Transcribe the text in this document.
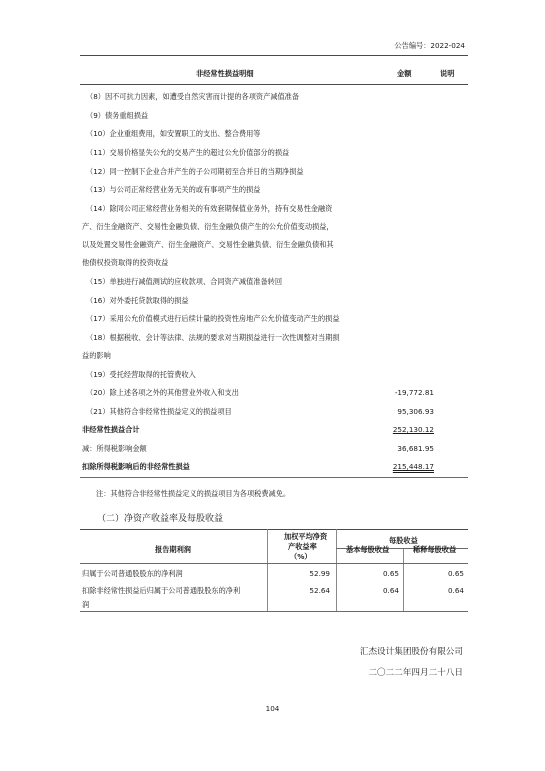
公告编号：2022-024
非经常性损益明细	金额	说明
（8）因不可抗力因素，如遭受自然灾害而计提的各项资产减值准备
（9）债务重组损益
（10）企业重组费用，如安置职工的支出、整合费用等
（11）交易价格显失公允的交易产生的超过公允价值部分的损益
（12）同一控制下企业合并产生的子公司期初至合并日的当期净损益
（13）与公司正常经营业务无关的或有事项产生的损益
（14）除同公司正常经营业务相关的有效套期保值业务外，持有交易性金融资
产、衍生金融资产、交易性金融负债、衍生金融负债产生的公允价值变动损益，
以及处置交易性金融资产、衍生金融资产、交易性金融负债、衍生金融负债和其
他债权投资取得的投资收益
（15）单独进行减值测试的应收款项、合同资产减值准备转回
（16）对外委托贷款取得的损益
（17）采用公允价值模式进行后续计量的投资性房地产公允价值变动产生的损益
（18）根据税收、会计等法律、法规的要求对当期损益进行一次性调整对当期损
益的影响
（19）受托经营取得的托管费收入
（20）除上述各项之外的其他营业外收入和支出	-19,772.81
（21）其他符合非经常性损益定义的损益项目	95,306.93
非经常性损益合计	252,130.12
减：所得税影响金额	36,681.95
扣除所得税影响后的非经常性损益	215,448.17
注：其他符合非经常性损益定义的损益项目为各项税费减免。
（二）净资产收益率及每股收益
加权平均净资
产收益率
（%）
每股收益
报告期利润	基本每股收益	稀释每股收益
归属于公司普通股股东的净利润	52.99	0.65	0.65
扣除非经常性损益后归属于公司普通股股东的净利
润
52.64	0.64	0.64
汇杰设计集团股份有限公司
二〇二二年四月二十八日
104
